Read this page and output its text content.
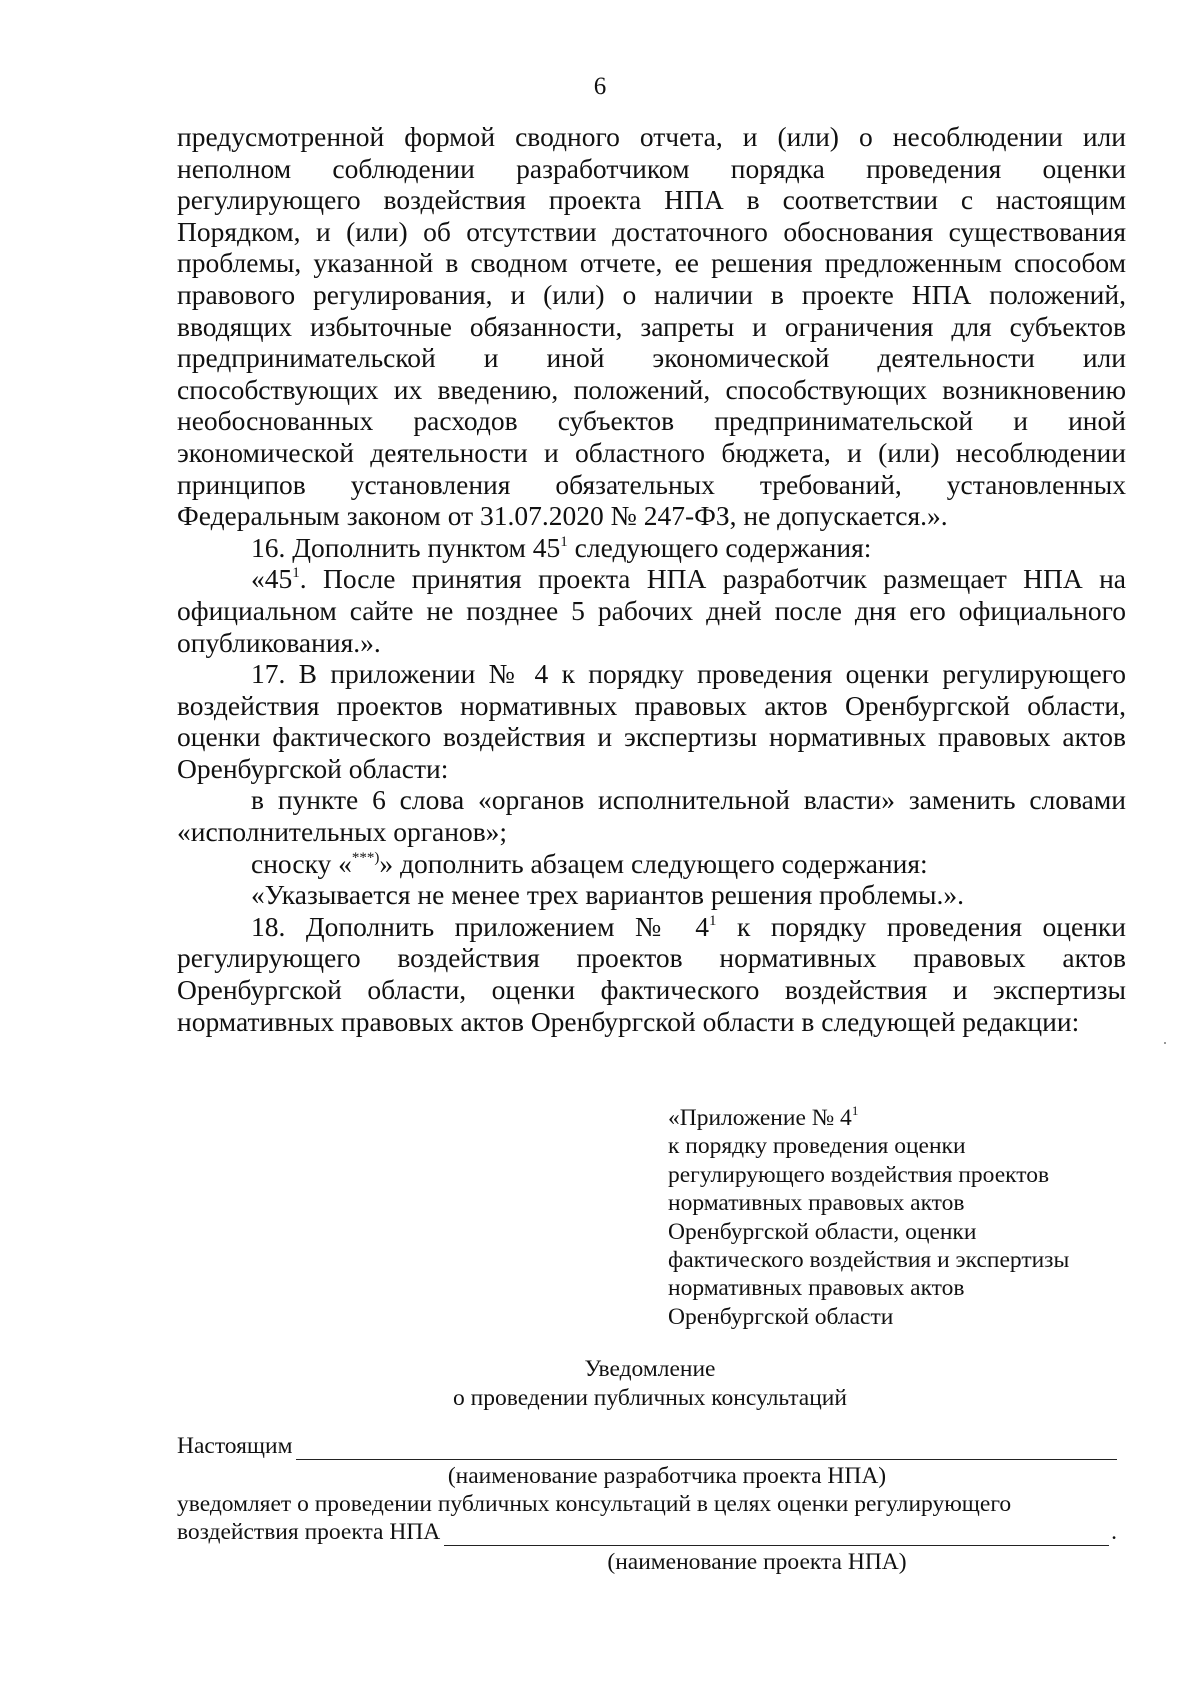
6

предусмотренной формой сводного отчета, и (или) о несоблюдении или неполном соблюдении разработчиком порядка проведения оценки регулирующего воздействия проекта НПА в соответствии с настоящим Порядком, и (или) об отсутствии достаточного обоснования существования проблемы, указанной в сводном отчете, ее решения предложенным способом правового регулирования, и (или) о наличии в проекте НПА положений, вводящих избыточные обязанности, запреты и ограничения для субъектов предпринимательской и иной экономической деятельности или способствующих их введению, положений, способствующих возникновению необоснованных расходов субъектов предпринимательской и иной экономической деятельности и областного бюджета, и (или) несоблюдении принципов установления обязательных требований, установленных Федеральным законом от 31.07.2020 № 247-ФЗ, не допускается.».

16. Дополнить пунктом $45^1$ следующего содержания:

«$45^1$. После принятия проекта НПА разработчик размещает НПА на официальном сайте не позднее 5 рабочих дней после дня его официального опубликования.».

17. В приложении № 4 к порядку проведения оценки регулирующего воздействия проектов нормативных правовых актов Оренбургской области, оценки фактического воздействия и экспертизы нормативных правовых актов Оренбургской области:

в пункте 6 слова «органов исполнительной власти» заменить словами «исполнительных органов»;

сноску «***)» дополнить абзацем следующего содержания:

«Указывается не менее трех вариантов решения проблемы.».

18. Дополнить приложением № $4^1$ к порядку проведения оценки регулирующего воздействия проектов нормативных правовых актов Оренбургской области, оценки фактического воздействия и экспертизы нормативных правовых актов Оренбургской области в следующей редакции:

«Приложение № $4^1$
к порядку проведения оценки
регулирующего воздействия проектов
нормативных правовых актов
Оренбургской области, оценки
фактического воздействия и экспертизы
нормативных правовых актов
Оренбургской области
Уведомление
о проведении публичных консультаций
Настоящим
(наименование разработчика проекта НПА)
уведомляет о проведении публичных консультаций в целях оценки регулирующего
воздействия проекта НПА	.
(наименование проекта НПА)
